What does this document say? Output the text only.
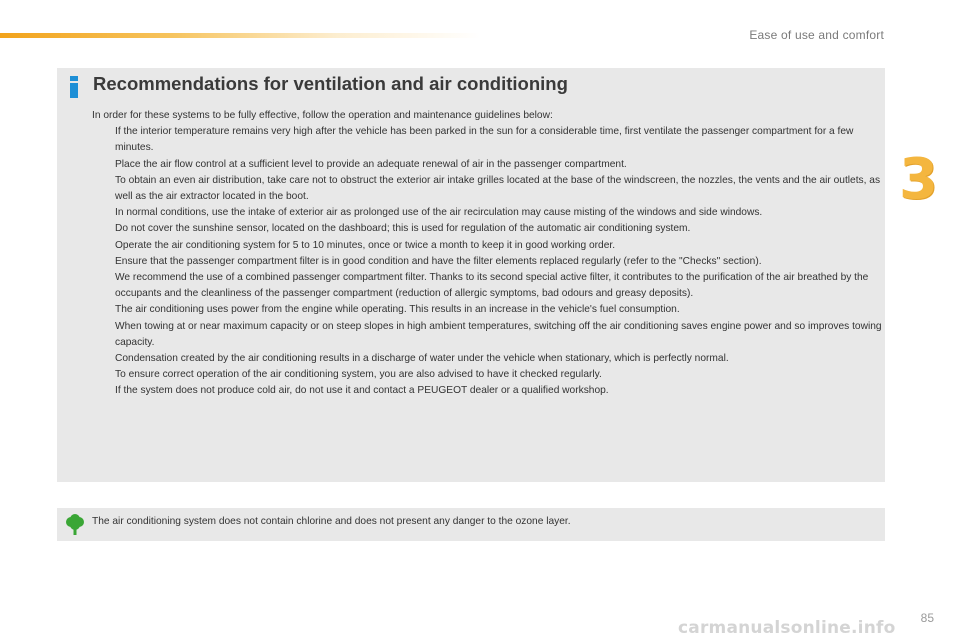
Ease of use and comfort
3
Recommendations for ventilation and air conditioning

In order for these systems to be fully effective, follow the operation and maintenance guidelines below:

If the interior temperature remains very high after the vehicle has been parked in the sun for a considerable time, first ventilate the passenger compartment for a few minutes.

Place the air flow control at a sufficient level to provide an adequate renewal of air in the passenger compartment.

To obtain an even air distribution, take care not to obstruct the exterior air intake grilles located at the base of the windscreen, the nozzles, the vents and the air outlets, as well as the air extractor located in the boot.
In normal conditions, use the intake of exterior air as prolonged use of the air recirculation may cause misting of the windows and side windows.
Do not cover the sunshine sensor, located on the dashboard; this is used for regulation of the automatic air conditioning system.
Operate the air conditioning system for 5 to 10 minutes, once or twice a month to keep it in good working order.
Ensure that the passenger compartment filter is in good condition and have the filter elements replaced regularly (refer to the "Checks" section).

We recommend the use of a combined passenger compartment filter. Thanks to its second special active filter, it contributes to the purification of the air breathed by the occupants and the cleanliness of the passenger compartment (reduction of allergic symptoms, bad odours and greasy deposits).

The air conditioning uses power from the engine while operating. This results in an increase in the vehicle's fuel consumption.

When towing at or near maximum capacity or on steep slopes in high ambient temperatures, switching off the air conditioning saves engine power and so improves towing capacity.

Condensation created by the air conditioning results in a discharge of water under the vehicle when stationary, which is perfectly normal.

To ensure correct operation of the air conditioning system, you are also advised to have it checked regularly.
If the system does not produce cold air, do not use it and contact a PEUGEOT dealer or a qualified workshop.
The air conditioning system does not contain chlorine and does not present any danger to the ozone layer.
85
carmanualsonline.info
